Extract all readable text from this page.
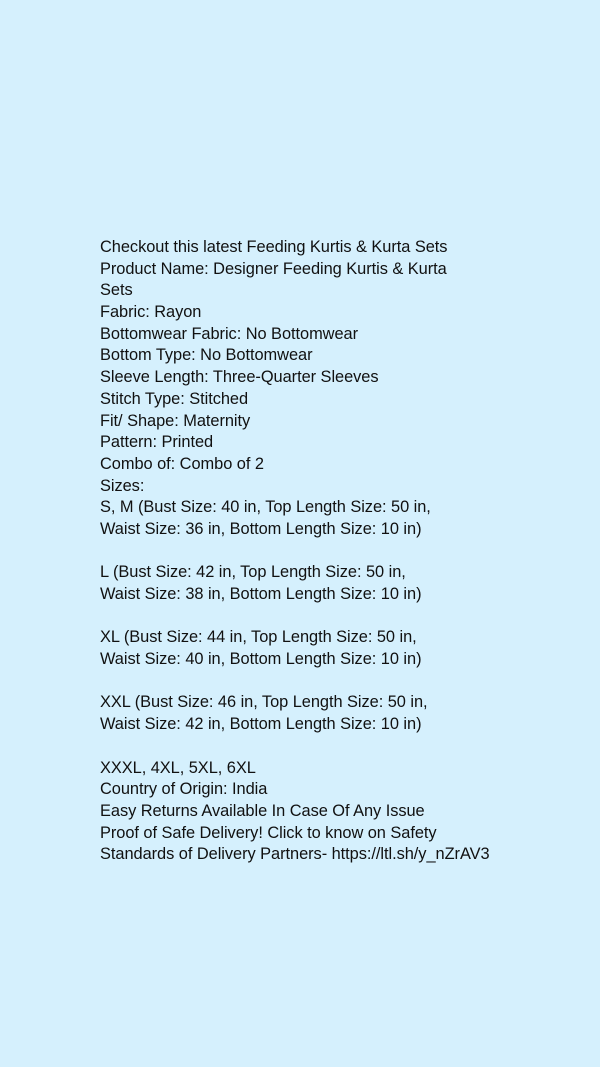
Checkout this latest Feeding Kurtis & Kurta Sets
Product Name: Designer Feeding Kurtis & Kurta Sets
Fabric: Rayon
Bottomwear Fabric: No Bottomwear
Bottom Type: No Bottomwear
Sleeve Length: Three-Quarter Sleeves
Stitch Type: Stitched
Fit/ Shape: Maternity
Pattern: Printed
Combo of: Combo of 2
Sizes:
S, M (Bust Size: 40 in, Top Length Size: 50 in,
Waist Size: 36 in, Bottom Length Size: 10 in)
L (Bust Size: 42 in, Top Length Size: 50 in,
Waist Size: 38 in, Bottom Length Size: 10 in)
XL (Bust Size: 44 in, Top Length Size: 50 in,
Waist Size: 40 in, Bottom Length Size: 10 in)
XXL (Bust Size: 46 in, Top Length Size: 50 in,
Waist Size: 42 in, Bottom Length Size: 10 in)
XXXL, 4XL, 5XL, 6XL
Country of Origin: India
Easy Returns Available In Case Of Any Issue
Proof of Safe Delivery! Click to know on Safety
Standards of Delivery Partners- https://ltl.sh/y_nZrAV3
